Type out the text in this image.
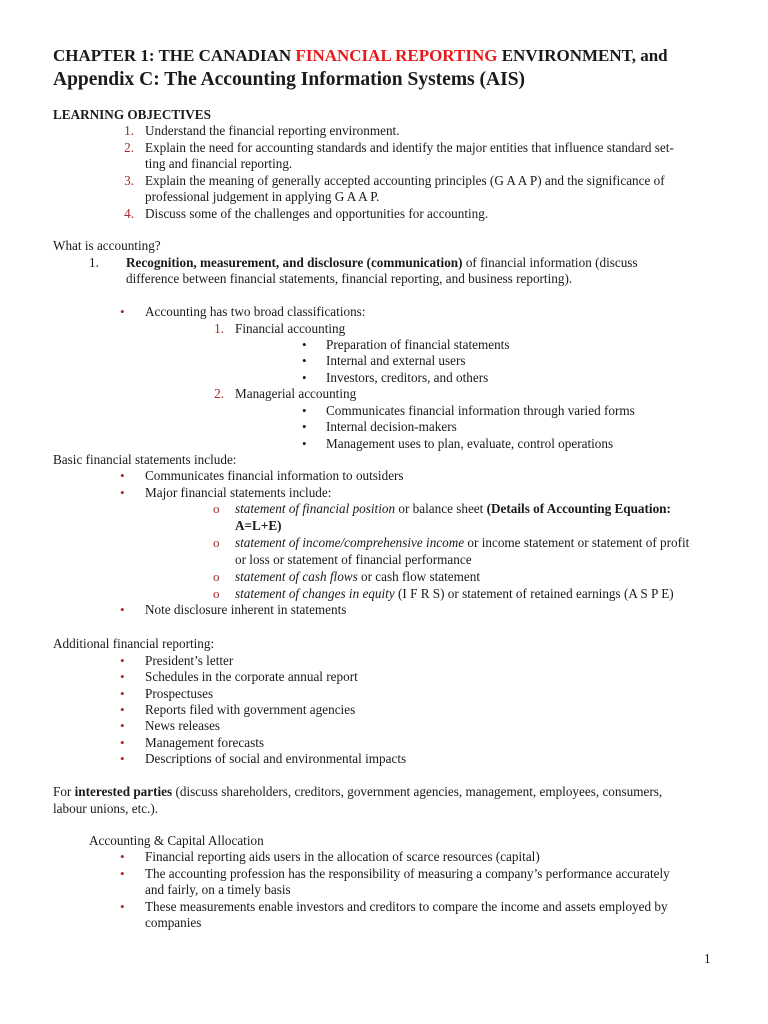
CHAPTER 1: THE CANADIAN FINANCIAL REPORTING ENVIRONMENT, and
Appendix C: The Accounting Information Systems (AIS)
LEARNING OBJECTIVES
1. Understand the financial reporting environment.
2. Explain the need for accounting standards and identify the major entities that influence standard set-
ting and financial reporting.
3. Explain the meaning of generally accepted accounting principles (G A A P) and the significance of
professional judgement in applying G A A P.
4. Discuss some of the challenges and opportunities for accounting.
What is accounting?
1. Recognition, measurement, and disclosure (communication) of financial information (discuss
difference between financial statements, financial reporting, and business reporting).
• Accounting has two broad classifications:
1. Financial accounting
• Preparation of financial statements
• Internal and external users
• Investors, creditors, and others
2. Managerial accounting
• Communicates financial information through varied forms
• Internal decision-makers
• Management uses to plan, evaluate, control operations
Basic financial statements include:
• Communicates financial information to outsiders
• Major financial statements include:
o statement of financial position or balance sheet (Details of Accounting Equation:
A=L+E)
o statement of income/comprehensive income or income statement or statement of profit
or loss or statement of financial performance
o statement of cash flows or cash flow statement
o statement of changes in equity (I F R S) or statement of retained earnings (A S P E)
• Note disclosure inherent in statements
Additional financial reporting:
• President’s letter
• Schedules in the corporate annual report
• Prospectuses
• Reports filed with government agencies
• News releases
• Management forecasts
• Descriptions of social and environmental impacts
For interested parties (discuss shareholders, creditors, government agencies, management, employees, consumers,
labour unions, etc.).
Accounting & Capital Allocation
• Financial reporting aids users in the allocation of scarce resources (capital)
• The accounting profession has the responsibility of measuring a company’s performance accurately
and fairly, on a timely basis
• These measurements enable investors and creditors to compare the income and assets employed by
companies
1
